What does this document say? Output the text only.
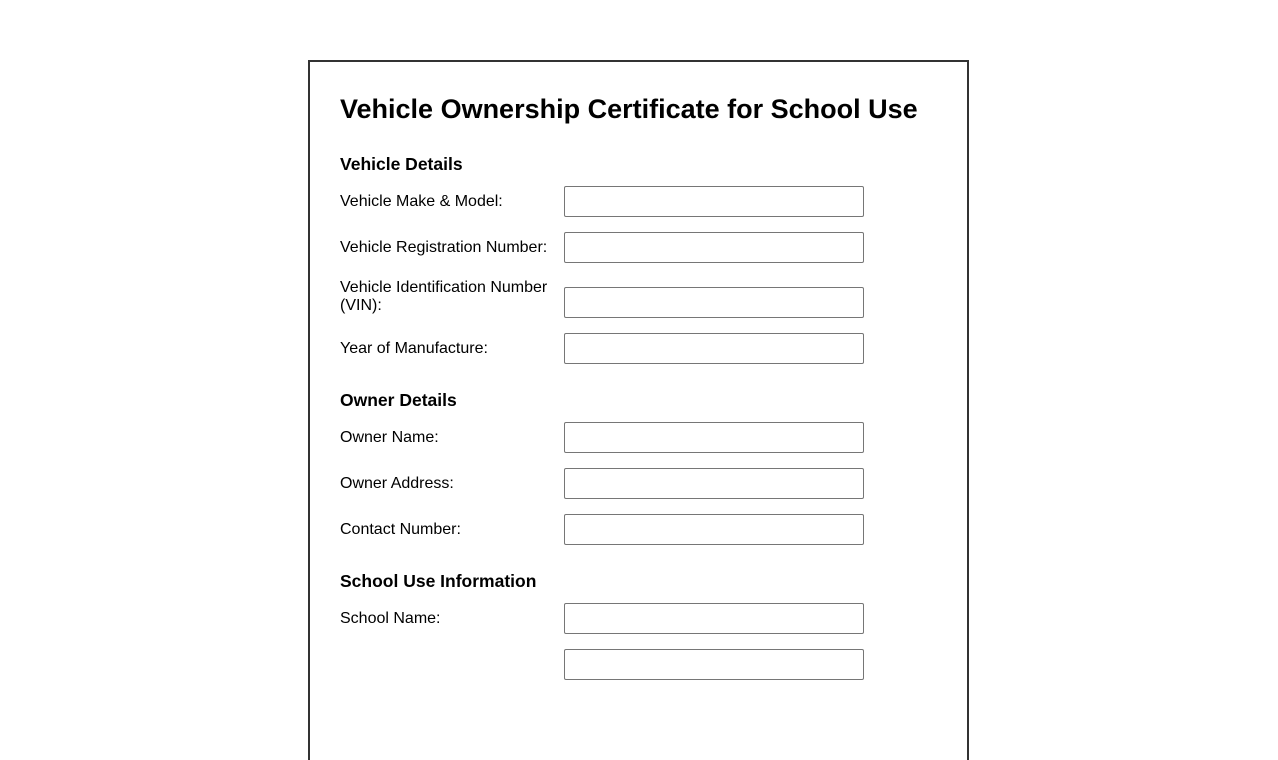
Vehicle Ownership Certificate for School Use
Vehicle Details
Vehicle Make & Model:
Vehicle Registration Number:
Vehicle Identification Number (VIN):
Year of Manufacture:
Owner Details
Owner Name:
Owner Address:
Contact Number:
School Use Information
School Name:
